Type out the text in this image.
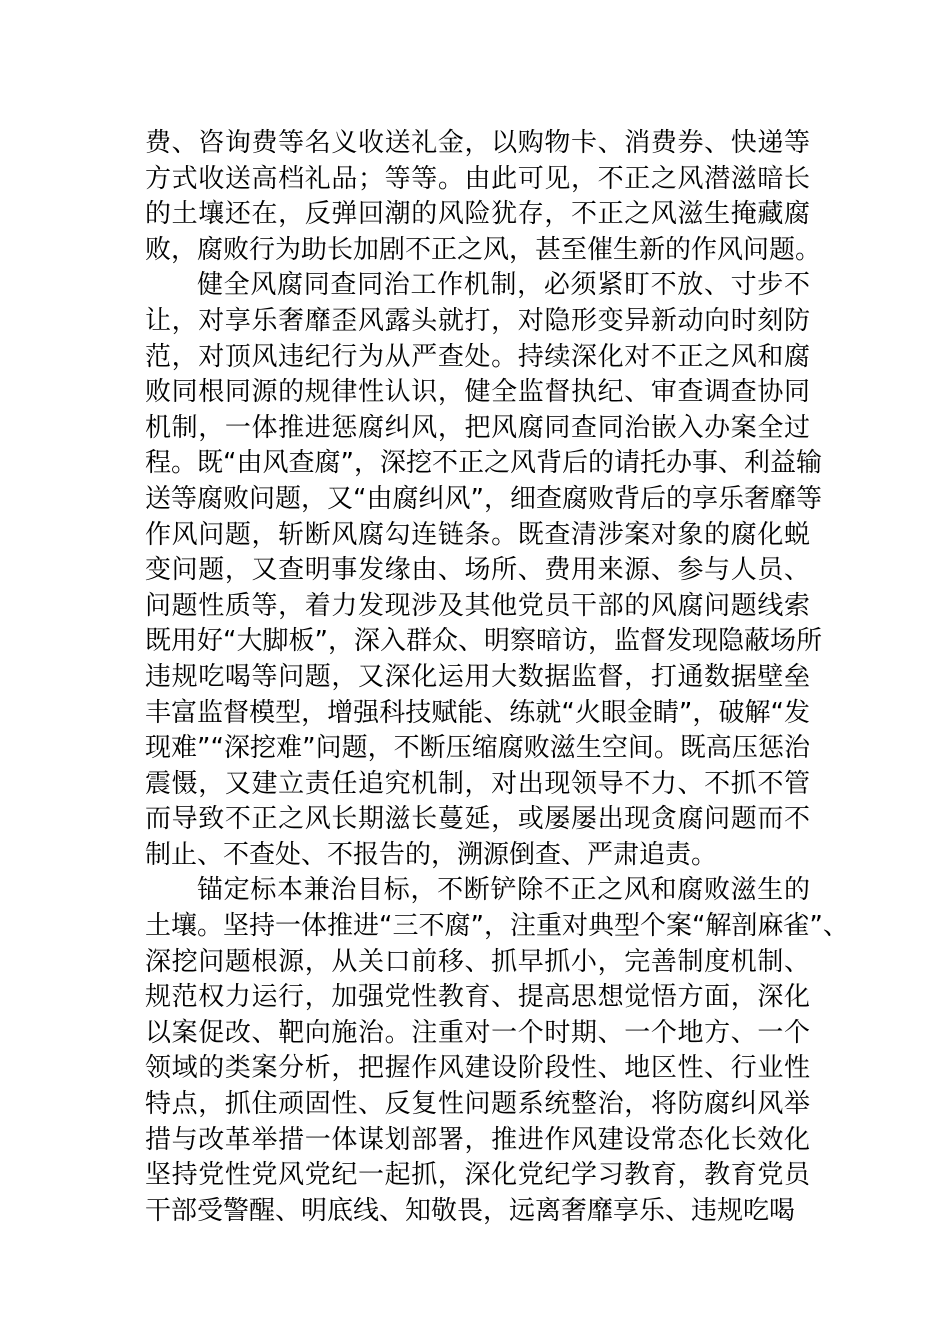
费、咨询费等名义收送礼金，以购物卡、消费券、快递等
方式收送高档礼品；等等。由此可见，不正之风潜滋暗长
的土壤还在，反弹回潮的风险犹存，不正之风滋生掩藏腐
败，腐败行为助长加剧不正之风，甚至催生新的作风问题。
健全风腐同查同治工作机制，必须紧盯不放、寸步不
让，对享乐奢靡歪风露头就打，对隐形变异新动向时刻防
范，对顶风违纪行为从严查处。持续深化对不正之风和腐
败同根同源的规律性认识，健全监督执纪、审查调查协同
机制，一体推进惩腐纠风，把风腐同查同治嵌入办案全过
程。既“由风查腐”，深挖不正之风背后的请托办事、利益输
送等腐败问题，又“由腐纠风”，细查腐败背后的享乐奢靡等
作风问题，斩断风腐勾连链条。既查清涉案对象的腐化蜕
变问题，又查明事发缘由、场所、费用来源、参与人员、
问题性质等，着力发现涉及其他党员干部的风腐问题线索
既用好“大脚板”，深入群众、明察暗访，监督发现隐蔽场所
违规吃喝等问题，又深化运用大数据监督，打通数据壁垒
丰富监督模型，增强科技赋能、练就“火眼金睛”，破解“发
现难”“深挖难”问题，不断压缩腐败滋生空间。既高压惩治
震慑，又建立责任追究机制，对出现领导不力、不抓不管
而导致不正之风长期滋长蔓延，或屡屡出现贪腐问题而不
制止、不查处、不报告的，溯源倒查、严肃追责。
锚定标本兼治目标，不断铲除不正之风和腐败滋生的
土壤。坚持一体推进“三不腐”，注重对典型个案“解剖麻雀”、
深挖问题根源，从关口前移、抓早抓小，完善制度机制、
规范权力运行，加强党性教育、提高思想觉悟方面，深化
以案促改、靶向施治。注重对一个时期、一个地方、一个
领域的类案分析，把握作风建设阶段性、地区性、行业性
特点，抓住顽固性、反复性问题系统整治，将防腐纠风举
措与改革举措一体谋划部署，推进作风建设常态化长效化
坚持党性党风党纪一起抓，深化党纪学习教育，教育党员
干部受警醒、明底线、知敬畏，远离奢靡享乐、违规吃喝
